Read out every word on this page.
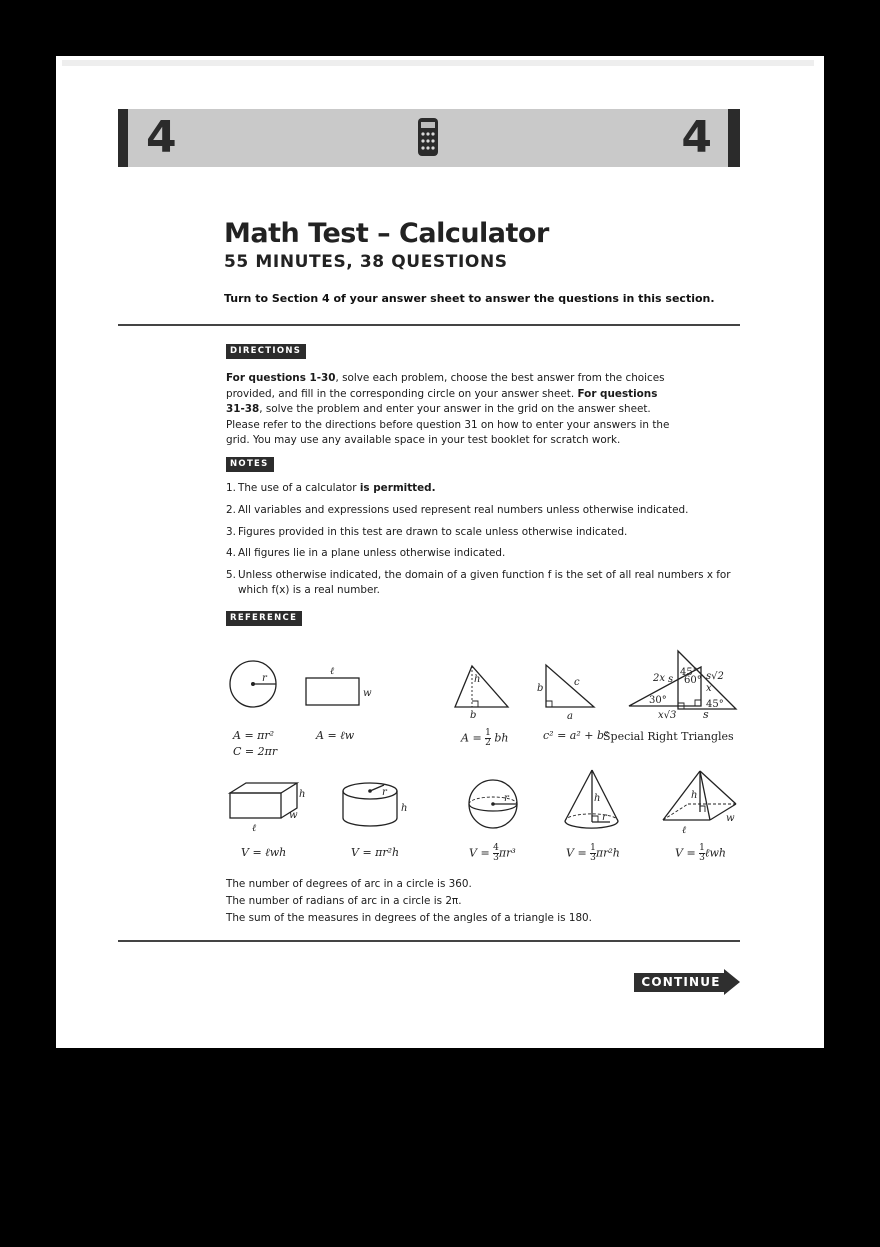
4	4
Math Test – Calculator
55 MINUTES, 38 QUESTIONS
Turn to Section 4 of your answer sheet to answer the questions in this section.
DIRECTIONS
For questions 1-30, solve each problem, choose the best answer from the choices provided, and fill in the corresponding circle on your answer sheet. For questions 31-38, solve the problem and enter your answer in the grid on the answer sheet. Please refer to the directions before question 31 on how to enter your answers in the grid. You may use any available space in your test booklet for scratch work.
NOTES
1. The use of a calculator is permitted.
2. All variables and expressions used represent real numbers unless otherwise indicated.
3. Figures provided in this test are drawn to scale unless otherwise indicated.
4. All figures lie in a plane unless otherwise indicated.
5. Unless otherwise indicated, the domain of a given function f is the set of all real numbers x for
which f(x) is a real number.
REFERENCE
r
A = πr²
C = 2πr
ℓ
w
A = ℓw
h
b
$A = \frac{1}{2}$ bh
b
c
a
c² = a² + b²
2x 60°
x
30°
x√3
s
45° s√2
45°
s
Special Right Triangles
h
w
ℓ
V = ℓwh
r
h
V = πr²h
r
$V = \frac{4}{3} \pi r^3$
h
r
$V = \frac{1}{3} \pi r^2h$
h
w
ℓ
$V = \frac{1}{3}$ ℓwh
The number of degrees of arc in a circle is 360.
The number of radians of arc in a circle is 2π.
The sum of the measures in degrees of the angles of a triangle is 180.
CONTINUE
